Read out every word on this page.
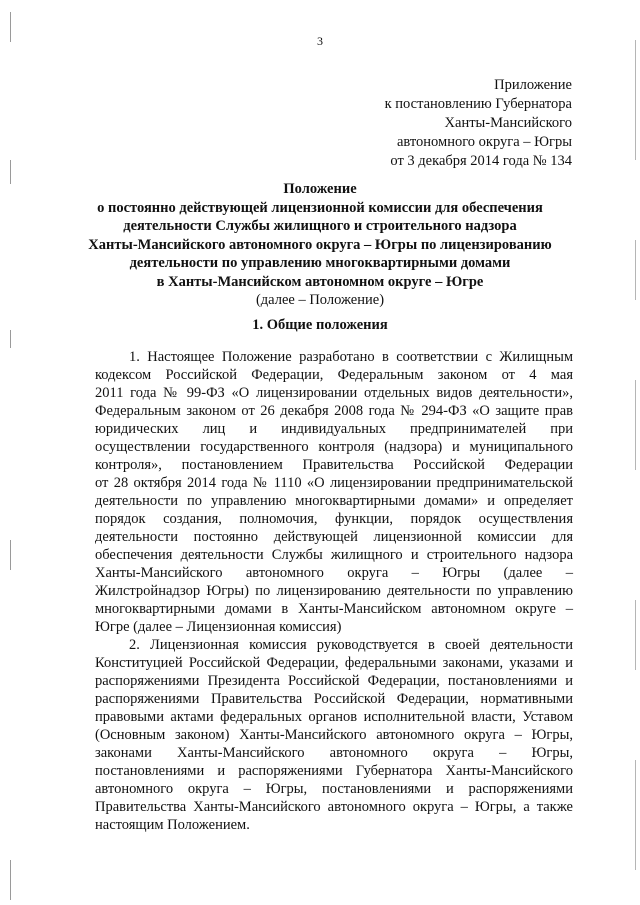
3
Приложение
к постановлению Губернатора
Ханты-Мансийского
автономного округа – Югры
от 3 декабря 2014 года № 134
Положение
о постоянно действующей лицензионной комиссии для обеспечения
деятельности Службы жилищного и строительного надзора
Ханты-Мансийского автономного округа – Югры по лицензированию
деятельности по управлению многоквартирными домами
в Ханты-Мансийском автономном округе – Югре
(далее – Положение)
1. Общие положения
1. Настоящее Положение разработано в соответствии с Жилищным
кодексом Российской Федерации, Федеральным законом от 4 мая
2011 года № 99-ФЗ «О лицензировании отдельных видов деятельности»,
Федеральным законом от 26 декабря 2008 года № 294-ФЗ «О защите прав
юридических лиц и индивидуальных предпринимателей при
осуществлении государственного контроля (надзора) и муниципального
контроля», постановлением Правительства Российской Федерации
от 28 октября 2014 года № 1110 «О лицензировании предпринимательской
деятельности по управлению многоквартирными домами» и определяет
порядок создания, полномочия, функции, порядок осуществления
деятельности постоянно действующей лицензионной комиссии для
обеспечения деятельности Службы жилищного и строительного надзора
Ханты-Мансийского автономного округа – Югры (далее –
Жилстройнадзор Югры) по лицензированию деятельности по управлению
многоквартирными домами в Ханты-Мансийском автономном округе –
Югре (далее – Лицензионная комиссия)
2. Лицензионная комиссия руководствуется в своей деятельности
Конституцией Российской Федерации, федеральными законами, указами и
распоряжениями Президента Российской Федерации, постановлениями и
распоряжениями Правительства Российской Федерации, нормативными
правовыми актами федеральных органов исполнительной власти, Уставом
(Основным законом) Ханты-Мансийского автономного округа – Югры,
законами Ханты-Мансийского автономного округа – Югры,
постановлениями и распоряжениями Губернатора Ханты-Мансийского
автономного округа – Югры, постановлениями и распоряжениями
Правительства Ханты-Мансийского автономного округа – Югры, а также
настоящим Положением.
